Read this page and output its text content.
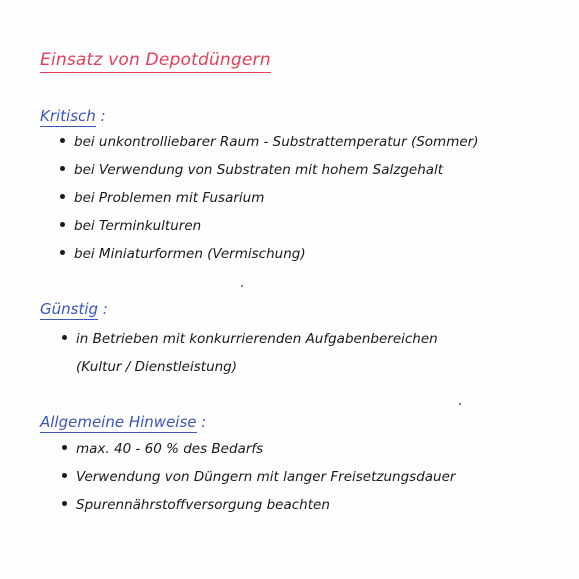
Einsatz von Depotdüngern
Kritisch :
bei unkontrolliebarer Raum - Substrattemperatur (Sommer)
bei Verwendung von Substraten mit hohem Salzgehalt
bei Problemen mit Fusarium
bei Terminkulturen
bei Miniaturformen (Vermischung)
Günstig :
in Betrieben mit konkurrierenden Aufgabenbereichen
(Kultur / Dienstleistung)
Allgemeine Hinweise :
max. 40 - 60 % des Bedarfs
Verwendung von Düngern mit langer Freisetzungsdauer
Spurennährstoffversorgung beachten
